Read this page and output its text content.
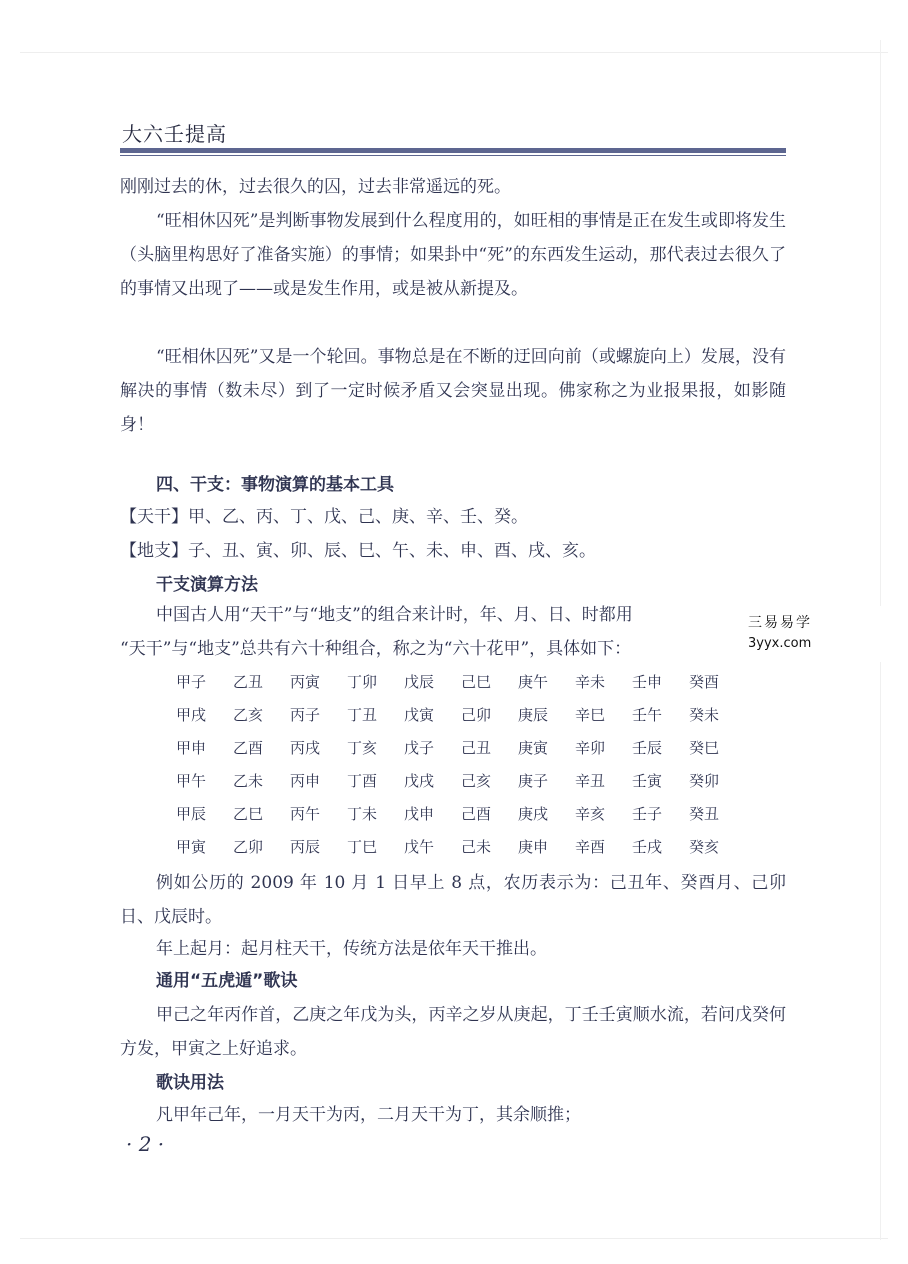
大六壬提高

刚刚过去的休，过去很久的囚，过去非常遥远的死。

“旺相休囚死”是判断事物发展到什么程度用的，如旺相的事情是正在发生或即将发生（头脑里构思好了准备实施）的事情；如果卦中“死”的东西发生运动，那代表过去很久了的事情又出现了——或是发生作用，或是被从新提及。

“旺相休囚死”又是一个轮回。事物总是在不断的迂回向前（或螺旋向上）发展，没有解决的事情（数未尽）到了一定时候矛盾又会突显出现。佛家称之为业报果报，如影随身！

四、干支：事物演算的基本工具

【天干】甲、乙、丙、丁、戊、己、庚、辛、壬、癸。

【地支】子、丑、寅、卯、辰、巳、午、未、申、酉、戌、亥。

干支演算方法

中国古人用“天干”与“地支”的组合来计时，年、月、日、时都用

“天干”与“地支”总共有六十种组合，称之为“六十花甲”，具体如下：

三易易学
3yyx.com
甲子	乙丑	丙寅	丁卯	戊辰	己巳	庚午	辛未	壬申	癸酉
甲戌	乙亥	丙子	丁丑	戊寅	己卯	庚辰	辛巳	壬午	癸未
甲申	乙酉	丙戌	丁亥	戊子	己丑	庚寅	辛卯	壬辰	癸巳
甲午	乙未	丙申	丁酉	戊戌	己亥	庚子	辛丑	壬寅	癸卯
甲辰	乙巳	丙午	丁未	戊申	己酉	庚戌	辛亥	壬子	癸丑
甲寅	乙卯	丙辰	丁巳	戊午	己未	庚申	辛酉	壬戌	癸亥

例如公历的 2009 年 10 月 1 日早上 8 点，农历表示为：己丑年、癸酉月、己卯日、戊辰时。

年上起月：起月柱天干，传统方法是依年天干推出。

通用“五虎遁”歌诀

甲己之年丙作首，乙庚之年戊为头，丙辛之岁从庚起，丁壬壬寅顺水流，若问戊癸何方发，甲寅之上好追求。

歌诀用法

凡甲年己年，一月天干为丙，二月天干为丁，其余顺推；

· 2 ·
